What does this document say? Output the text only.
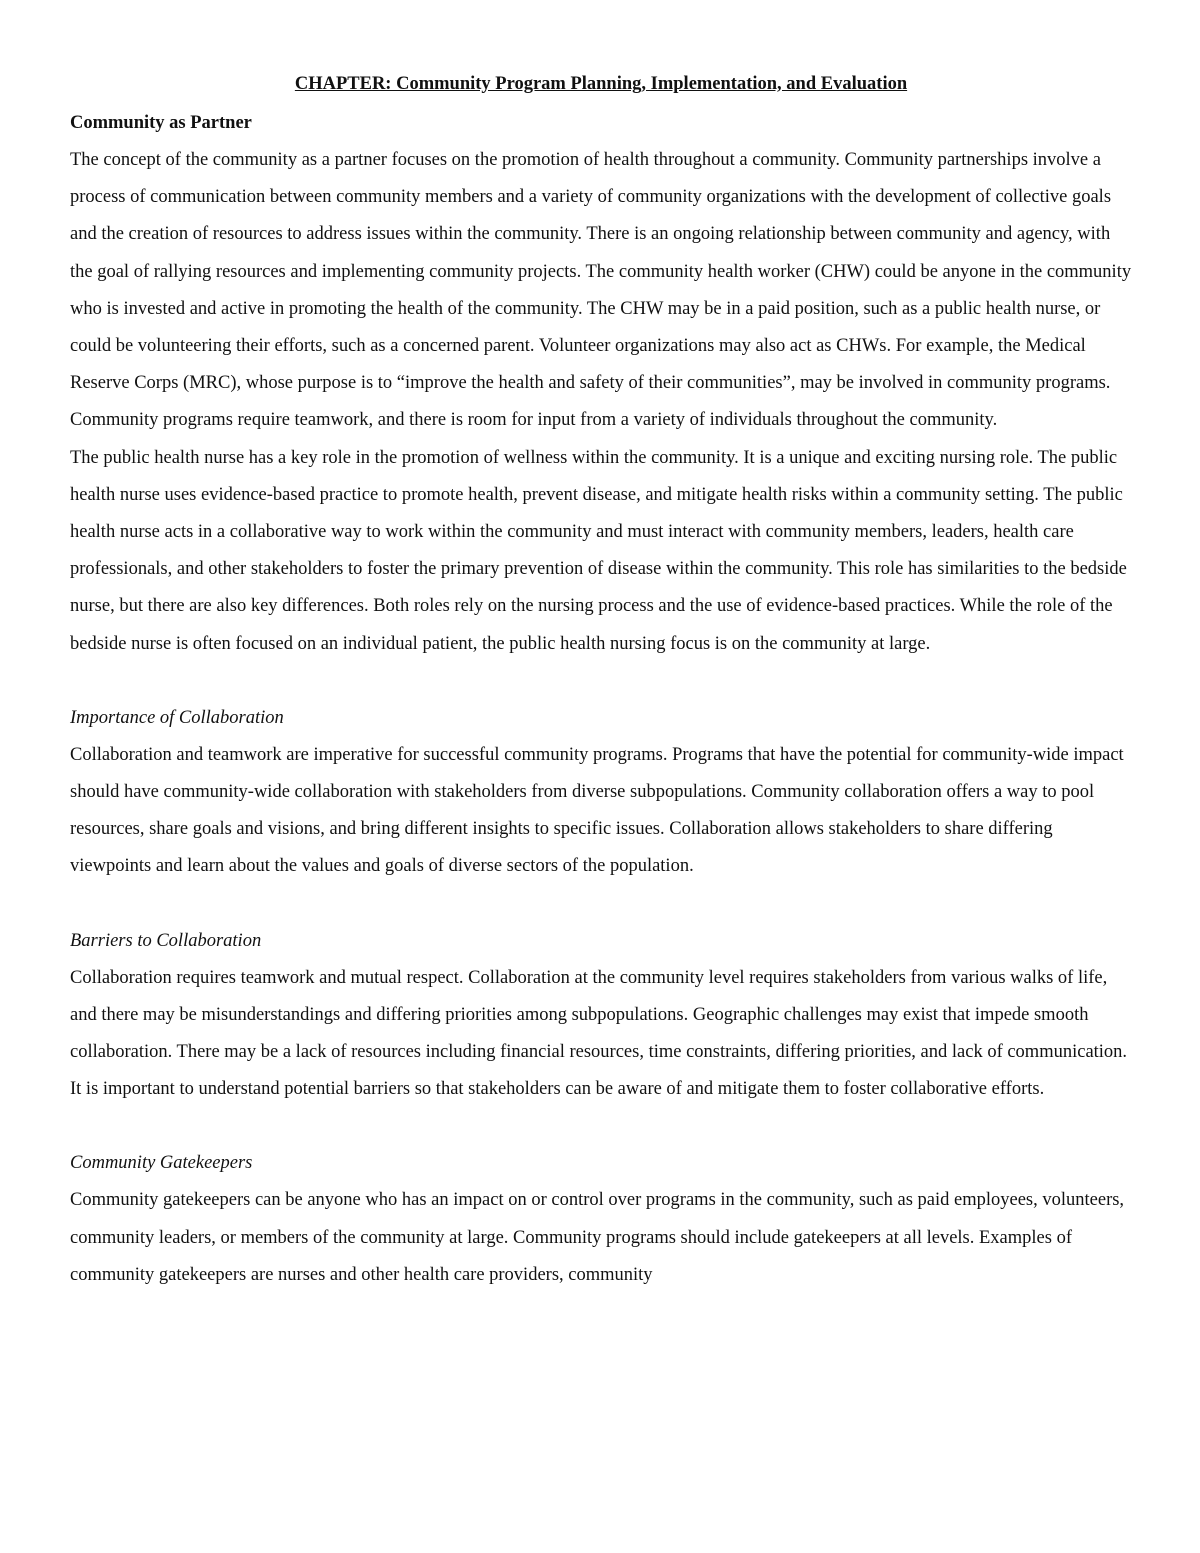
CHAPTER: Community Program Planning, Implementation, and Evaluation
Community as Partner

The concept of the community as a partner focuses on the promotion of health throughout a community. Community partnerships involve a process of communication between community members and a variety of community organizations with the development of collective goals and the creation of resources to address issues within the community. There is an ongoing relationship between community and agency, with the goal of rallying resources and implementing community projects. The community health worker (CHW) could be anyone in the community who is invested and active in promoting the health of the community. The CHW may be in a paid position, such as a public health nurse, or could be volunteering their efforts, such as a concerned parent. Volunteer organizations may also act as CHWs. For example, the Medical Reserve Corps (MRC), whose purpose is to “improve the health and safety of their communities”, may be involved in community programs. Community programs require teamwork, and there is room for input from a variety of individuals throughout the community.

The public health nurse has a key role in the promotion of wellness within the community. It is a unique and exciting nursing role. The public health nurse uses evidence-based practice to promote health, prevent disease, and mitigate health risks within a community setting. The public health nurse acts in a collaborative way to work within the community and must interact with community members, leaders, health care professionals, and other stakeholders to foster the primary prevention of disease within the community. This role has similarities to the bedside nurse, but there are also key differences. Both roles rely on the nursing process and the use of evidence-based practices. While the role of the bedside nurse is often focused on an individual patient, the public health nursing focus is on the community at large.

Importance of Collaboration

Collaboration and teamwork are imperative for successful community programs. Programs that have the potential for community-wide impact should have community-wide collaboration with stakeholders from diverse subpopulations. Community collaboration offers a way to pool resources, share goals and visions, and bring different insights to specific issues. Collaboration allows stakeholders to share differing viewpoints and learn about the values and goals of diverse sectors of the population.

Barriers to Collaboration

Collaboration requires teamwork and mutual respect. Collaboration at the community level requires stakeholders from various walks of life, and there may be misunderstandings and differing priorities among subpopulations. Geographic challenges may exist that impede smooth collaboration. There may be a lack of resources including financial resources, time constraints, differing priorities, and lack of communication. It is important to understand potential barriers so that stakeholders can be aware of and mitigate them to foster collaborative efforts.

Community Gatekeepers

Community gatekeepers can be anyone who has an impact on or control over programs in the community, such as paid employees, volunteers, community leaders, or members of the community at large. Community programs should include gatekeepers at all levels. Examples of community gatekeepers are nurses and other health care providers, community
